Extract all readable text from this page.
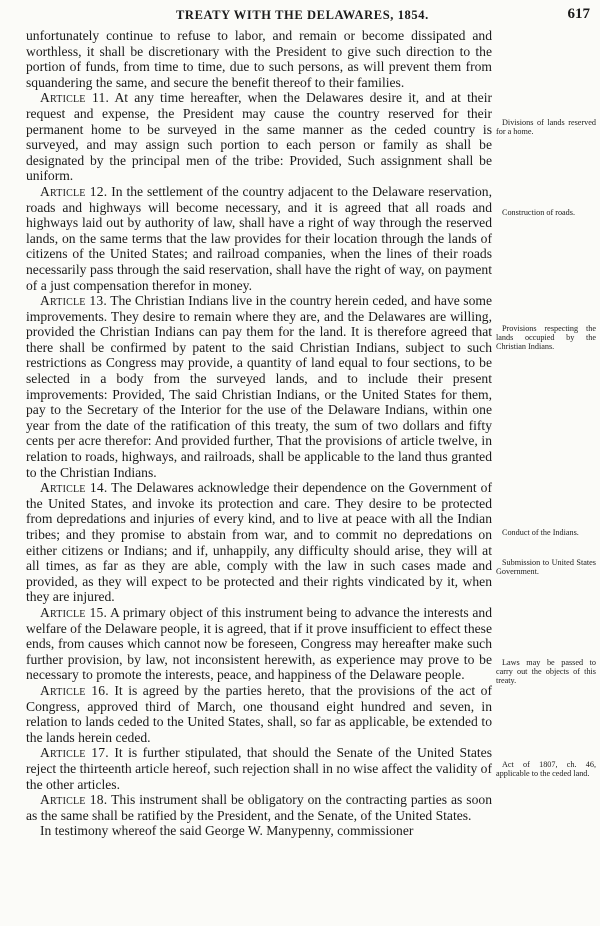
TREATY WITH THE DELAWARES, 1854.	617

unfortunately continue to refuse to labor, and remain or become dissipated and worthless, it shall be discretionary with the President to give such direction to the portion of funds, from time to time, due to such persons, as will prevent them from squandering the same, and secure the benefit thereof to their families.

Article 11. At any time hereafter, when the Delawares desire it, and at their request and expense, the President may cause the country reserved for their permanent home to be surveyed in the same manner as the ceded country is surveyed, and may assign such portion to each person or family as shall be designated by the principal men of the tribe: Provided, Such assignment shall be uniform.

Article 12. In the settlement of the country adjacent to the Delaware reservation, roads and highways will become necessary, and it is agreed that all roads and highways laid out by authority of law, shall have a right of way through the reserved lands, on the same terms that the law provides for their location through the lands of citizens of the United States; and railroad companies, when the lines of their roads necessarily pass through the said reservation, shall have the right of way, on payment of a just compensation therefor in money.

Article 13. The Christian Indians live in the country herein ceded, and have some improvements. They desire to remain where they are, and the Delawares are willing, provided the Christian Indians can pay them for the land. It is therefore agreed that there shall be confirmed by patent to the said Christian Indians, subject to such restrictions as Congress may provide, a quantity of land equal to four sections, to be selected in a body from the surveyed lands, and to include their present improvements: Provided, The said Christian Indians, or the United States for them, pay to the Secretary of the Interior for the use of the Delaware Indians, within one year from the date of the ratification of this treaty, the sum of two dollars and fifty cents per acre therefor: And provided further, That the provisions of article twelve, in relation to roads, highways, and railroads, shall be applicable to the land thus granted to the Christian Indians.

Article 14. The Delawares acknowledge their dependence on the Government of the United States, and invoke its protection and care. They desire to be protected from depredations and injuries of every kind, and to live at peace with all the Indian tribes; and they promise to abstain from war, and to commit no depredations on either citizens or Indians; and if, unhappily, any difficulty should arise, they will at all times, as far as they are able, comply with the law in such cases made and provided, as they will expect to be protected and their rights vindicated by it, when they are injured.

Article 15. A primary object of this instrument being to advance the interests and welfare of the Delaware people, it is agreed, that if it prove insufficient to effect these ends, from causes which cannot now be foreseen, Congress may hereafter make such further provision, by law, not inconsistent herewith, as experience may prove to be necessary to promote the interests, peace, and happiness of the Delaware people.

Article 16. It is agreed by the parties hereto, that the provisions of the act of Congress, approved third of March, one thousand eight hundred and seven, in relation to lands ceded to the United States, shall, so far as applicable, be extended to the lands herein ceded.

Article 17. It is further stipulated, that should the Senate of the United States reject the thirteenth article hereof, such rejection shall in no wise affect the validity of the other articles.

Article 18. This instrument shall be obligatory on the contracting parties as soon as the same shall be ratified by the President, and the Senate, of the United States.

In testimony whereof the said George W. Manypenny, commissioner

Divisions of lands reserved for a home.
Construction of roads.
Provisions respecting the lands occupied by the Christian Indians.
Conduct of the Indians.
Submission to United States Government.
Laws may be passed to carry out the objects of this treaty.
Act of 1807, ch. 46, applicable to the ceded land.
